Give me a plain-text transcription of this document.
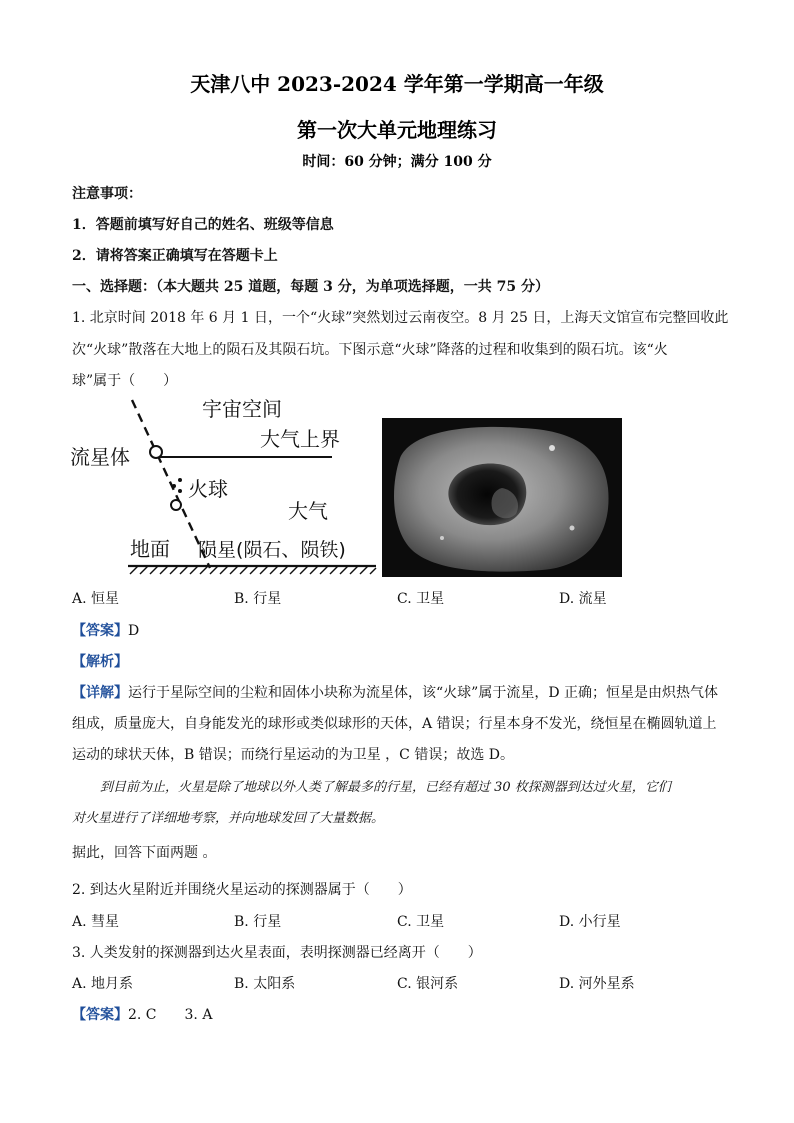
天津八中 2023-2024 学年第一学期高一年级
第一次大单元地理练习
时间：60 分钟；满分 100 分
注意事项：
1．答题前填写好自己的姓名、班级等信息
2．请将答案正确填写在答题卡上
一、选择题：（本大题共 25 道题，每题 3 分，为单项选择题，一共 75 分）
1. 北京时间 2018 年 6 月 1 日，一个“火球”突然划过云南夜空。8 月 25 日，上海天文馆宣布完整回收此
次“火球”散落在大地上的陨石及其陨石坑。下图示意“火球”降落的过程和收集到的陨石坑。该“火
球”属于（　　）
宇宙空间
大气上界
流星体
火球
大气
地面 陨星(陨石、陨铁)
A. 恒星	B. 行星	C. 卫星	D. 流星
【答案】D
【解析】
【详解】运行于星际空间的尘粒和固体小块称为流星体，该“火球”属于流星，D 正确；恒星是由炽热气体
组成，质量庞大，自身能发光的球形或类似球形的天体，A 错误；行星本身不发光，绕恒星在椭圆轨道上
运动的球状天体，B 错误；而绕行星运动的为卫星 ，C 错误；故选 D。
到目前为止，火星是除了地球以外人类了解最多的行星，已经有超过 30 枚探测器到达过火星，它们
对火星进行了详细地考察，并向地球发回了大量数据。
据此，回答下面两题 。
2. 到达火星附近并围绕火星运动的探测器属于（　　）
A. 彗星	B. 行星	C. 卫星	D. 小行星
3. 人类发射的探测器到达火星表面，表明探测器已经离开（　　）
A. 地月系	B. 太阳系	C. 银河系	D. 河外星系
【答案】2. C　　3. A
